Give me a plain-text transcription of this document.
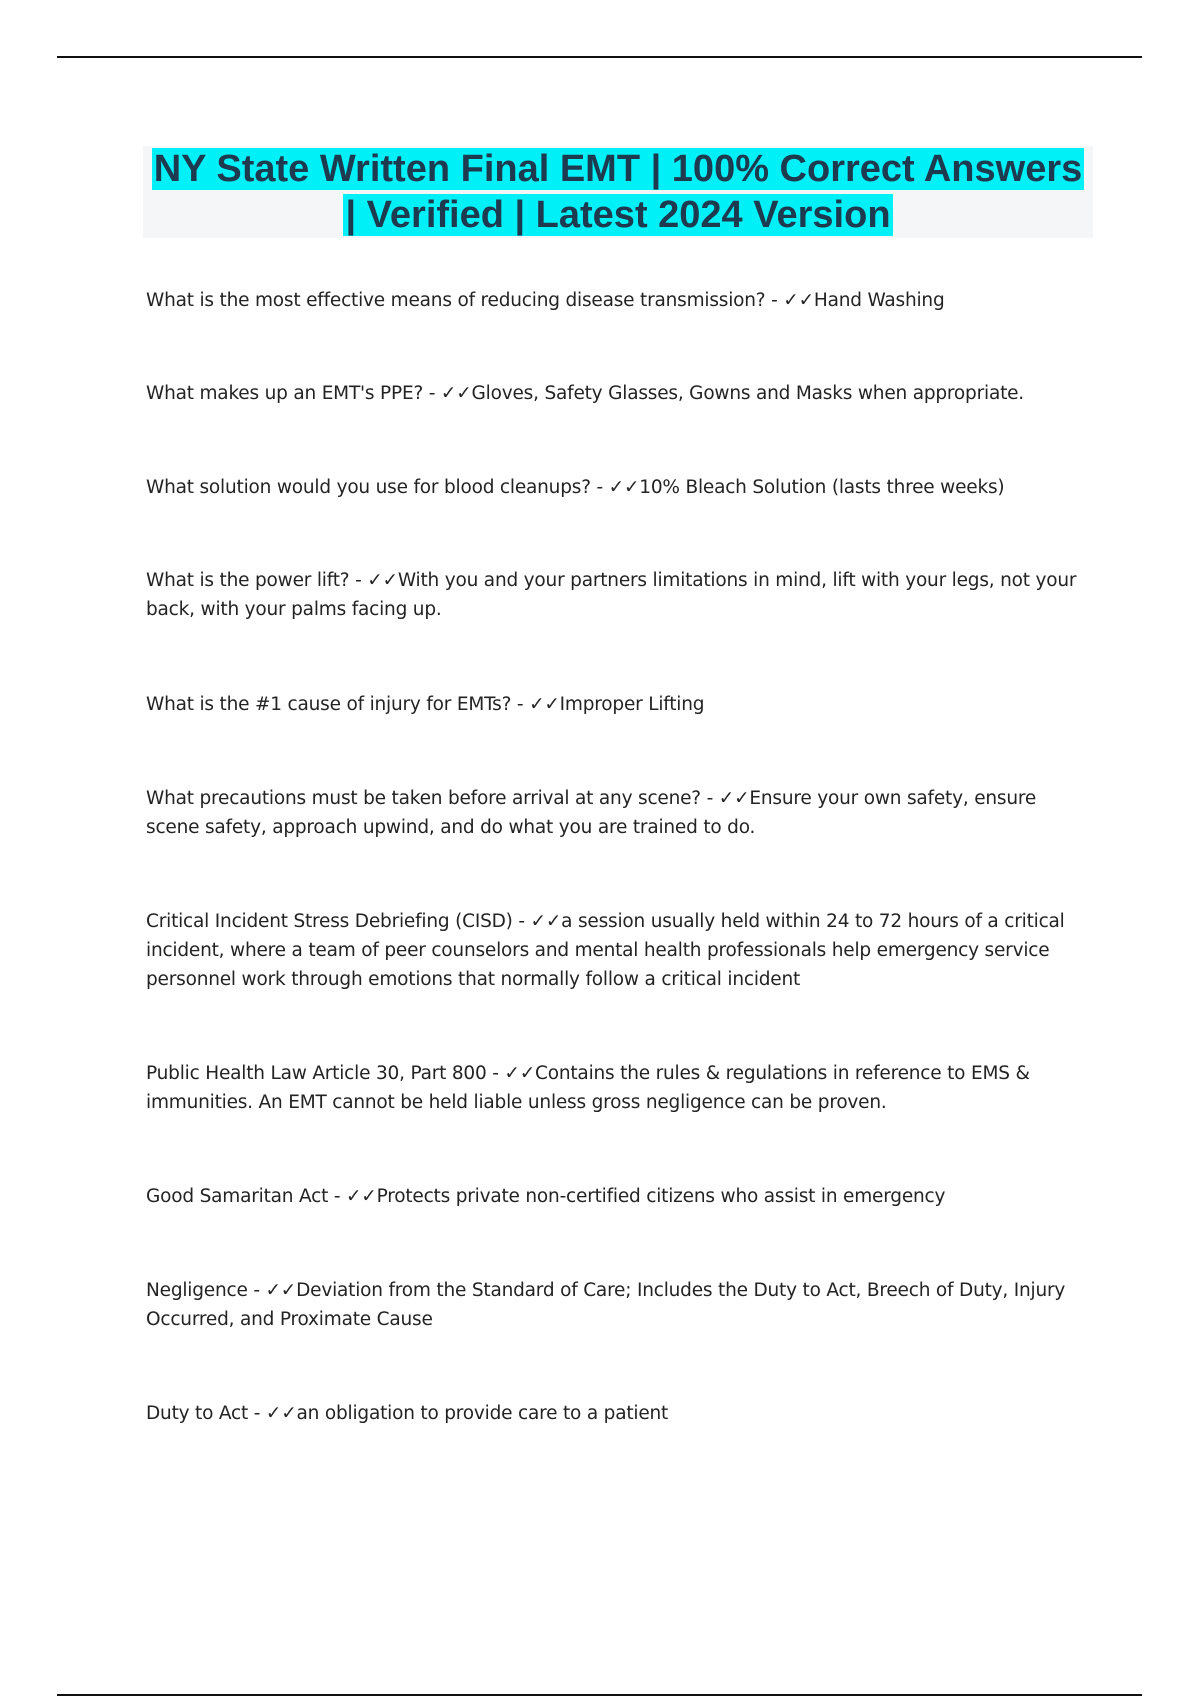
NY State Written Final EMT | 100% Correct Answers | Verified | Latest 2024 Version
What is the most effective means of reducing disease transmission? - ✓✓Hand Washing
What makes up an EMT's PPE? - ✓✓Gloves, Safety Glasses, Gowns and Masks when appropriate.
What solution would you use for blood cleanups? - ✓✓10% Bleach Solution (lasts three weeks)
What is the power lift? - ✓✓With you and your partners limitations in mind, lift with your legs, not your back, with your palms facing up.
What is the #1 cause of injury for EMTs? - ✓✓Improper Lifting
What precautions must be taken before arrival at any scene? - ✓✓Ensure your own safety, ensure scene safety, approach upwind, and do what you are trained to do.
Critical Incident Stress Debriefing (CISD) - ✓✓a session usually held within 24 to 72 hours of a critical incident, where a team of peer counselors and mental health professionals help emergency service personnel work through emotions that normally follow a critical incident
Public Health Law Article 30, Part 800 - ✓✓Contains the rules & regulations in reference to EMS & immunities. An EMT cannot be held liable unless gross negligence can be proven.
Good Samaritan Act - ✓✓Protects private non-certified citizens who assist in emergency
Negligence - ✓✓Deviation from the Standard of Care; Includes the Duty to Act, Breech of Duty, Injury Occurred, and Proximate Cause
Duty to Act - ✓✓an obligation to provide care to a patient
